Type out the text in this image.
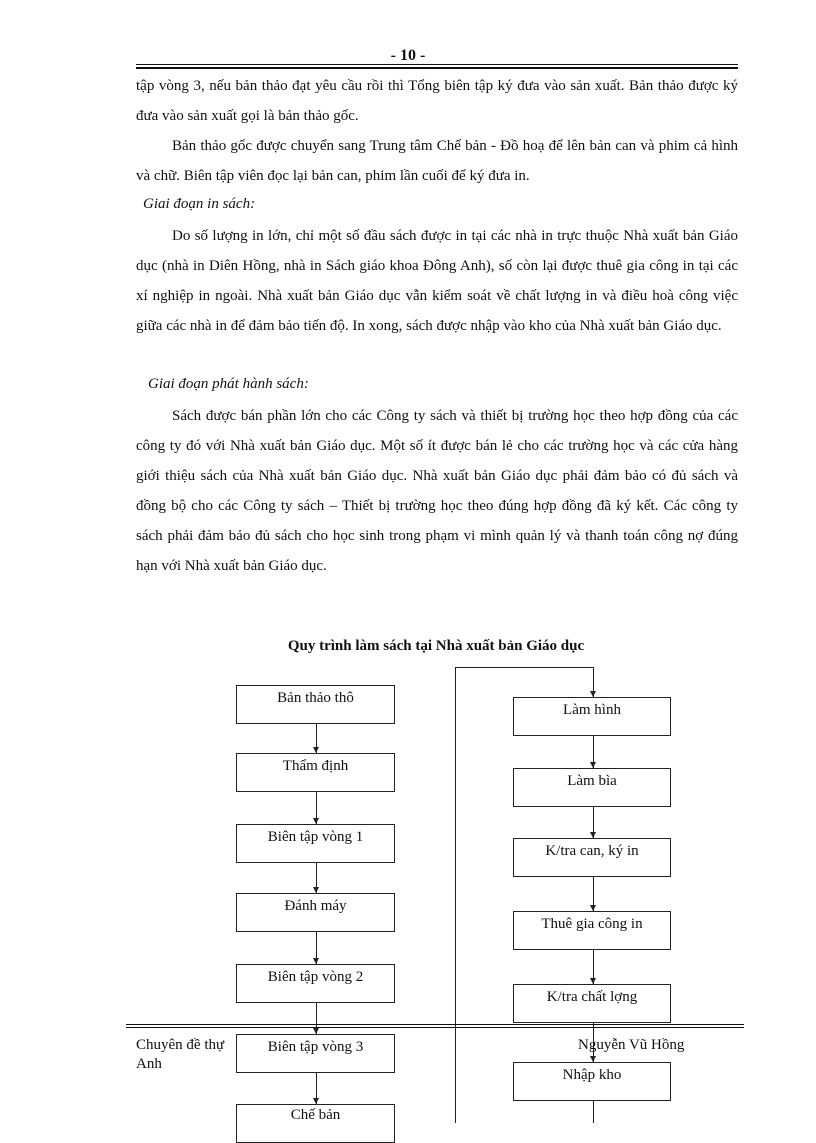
- 10 -
tập vòng 3, nếu bản thảo đạt yêu cầu rồi thì Tổng biên tập ký đưa vào sản xuất. Bản thảo được ký đưa vào sản xuất gọi là bản thảo gốc.
Bản thảo gốc được chuyển sang Trung tâm Chế bản - Đồ hoạ để lên bản can và phim cả hình và chữ. Biên tập viên đọc lại bản can, phim lần cuối để ký đưa in.
Giai đoạn in sách:
Do số lượng in lớn, chỉ một số đầu sách được in tại các nhà in trực thuộc Nhà xuất bản Giáo dục (nhà in Diên Hồng, nhà in Sách giáo khoa Đông Anh), số còn lại được thuê gia công in tại các xí nghiệp in ngoài. Nhà xuất bản Giáo dục vẫn kiểm soát về chất lượng in và điều hoà công việc giữa các nhà in để đảm bảo tiến độ. In xong, sách được nhập vào kho của Nhà xuất bản Giáo dục.
Giai đoạn phát hành sách:
Sách được bán phần lớn cho các Công ty sách và thiết bị trường học theo hợp đồng của các công ty đó với Nhà xuất bản Giáo dục. Một số ít được bán lẻ cho các trường học và các cửa hàng giới thiệu sách của Nhà xuất bản Giáo dục. Nhà xuất bản Giáo dục phải đảm bảo có đủ sách và đồng bộ cho các Công ty sách – Thiết bị trường học theo đúng hợp đồng đã ký kết. Các công ty sách phải đảm bảo đủ sách cho học sinh trong phạm vi mình quản lý và thanh toán công nợ đúng hạn với Nhà xuất bản Giáo dục.
Quy trình làm sách tại Nhà xuất bản Giáo dục
Bản thảo thô
Thẩm định
Biên tập vòng 1
Đánh máy
Biên tập vòng 2
Biên tập vòng 3
Chế bản
Làm hình
Làm bìa
K/tra can, ký in
Thuê gia công in
K/tra chất lợng
Nhập kho
Chuyên đề thự
Anh
Nguyễn Vũ Hồng
